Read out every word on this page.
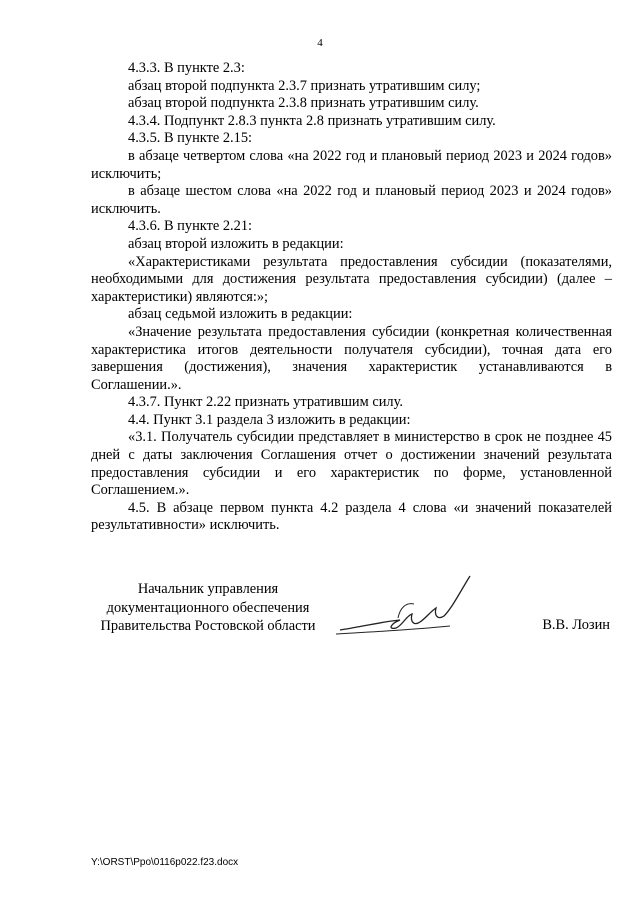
4

4.3.3. В пункте 2.3:

абзац второй подпункта 2.3.7 признать утратившим силу;

абзац второй подпункта 2.3.8 признать утратившим силу.

4.3.4. Подпункт 2.8.3 пункта 2.8 признать утратившим силу.

4.3.5. В пункте 2.15:

в абзаце четвертом слова «на 2022 год и плановый период 2023 и 2024 годов» исключить;

в абзаце шестом слова «на 2022 год и плановый период 2023 и 2024 годов» исключить.

4.3.6. В пункте 2.21:

абзац второй изложить в редакции:

«Характеристиками результата предоставления субсидии (показателями, необходимыми для достижения результата предоставления субсидии) (далее – характеристики) являются:»;

абзац седьмой изложить в редакции:

«Значение результата предоставления субсидии (конкретная количественная характеристика итогов деятельности получателя субсидии), точная дата его завершения (достижения), значения характеристик устанавливаются в Соглашении.».

4.3.7. Пункт 2.22 признать утратившим силу.

4.4. Пункт 3.1 раздела 3 изложить в редакции:

«3.1. Получатель субсидии представляет в министерство в срок не позднее 45 дней с даты заключения Соглашения отчет о достижении значений результата предоставления субсидии и его характеристик по форме, установленной Соглашением.».

4.5. В абзаце первом пункта 4.2 раздела 4 слова «и значений показателей результативности» исключить.

Начальник управления
документационного обеспечения
Правительства Ростовской области	В.В. Лозин
Y:\ORST\Ppo\0116p022.f23.docx
